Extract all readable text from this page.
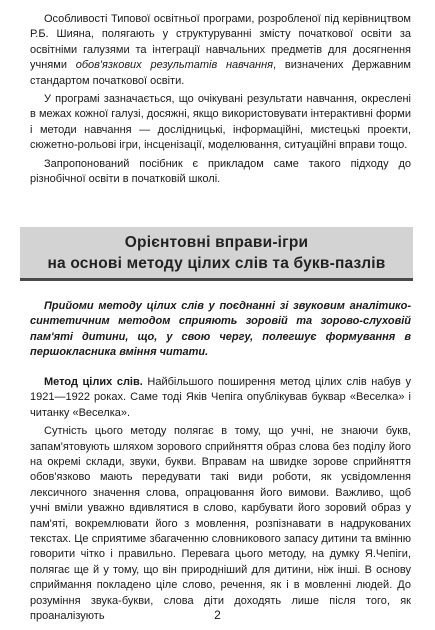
Особливості Типової освітньої програми, розробленої під керівництвом Р.Б. Шияна, полягають у структуруванні змісту початкової освіти за освітніми галузями та інтеграції навчальних предметів для досягнення учнями обов'язкових результатів навчання, визначених Державним стандартом початкової освіти.

У програмі зазначається, що очікувані результати навчання, окреслені в межах кожної галузі, досяжні, якщо використовувати інтерактивні форми і методи навчання — дослідницькі, інформаційні, мистецькі проекти, сюжетно-рольові ігри, інсценізації, моделювання, ситуаційні вправи тощо.

Запропонований посібник є прикладом саме такого підходу до різнобічної освіти в початковій школі.

Орієнтовні вправи-ігри
на основі методу цілих слів та букв-пазлів

Прийоми методу цілих слів у поєднанні зі звуковим аналітико-синтетичним методом сприяють зоровій та зорово-слуховій пам'яті дитини, що, у свою чергу, полегшує формування в першокласника вміння читати.

Метод цілих слів. Найбільшого поширення метод цілих слів набув у 1921—1922 роках. Саме тоді Яків Чепіга опублікував буквар «Веселка» і читанку «Веселка».

Сутність цього методу полягає в тому, що учні, не знаючи букв, запам'ятовують шляхом зорового сприйняття образ слова без поділу його на окремі склади, звуки, букви. Вправам на швидке зорове сприйняття обов'язково мають передувати такі види роботи, як усвідомлення лексичного значення слова, опрацювання його вимови. Важливо, щоб учні вміли уважно вдивлятися в слово, карбувати його зоровий образ у пам'яті, вокремлювати його з мовлення, розпізнавати в надрукованих текстах. Це сприятиме збагаченню словникового запасу дитини та вмінню говорити чітко і правильно. Перевага цього методу, на думку Я.Чепіги, полягає ще й у тому, що він природніший для дитини, ніж інші. В основу сприймання покладено ціле слово, речення, як і в мовленні людей. До розуміння звука-букви, слова діти доходять лише після того, як проаналізують	2
